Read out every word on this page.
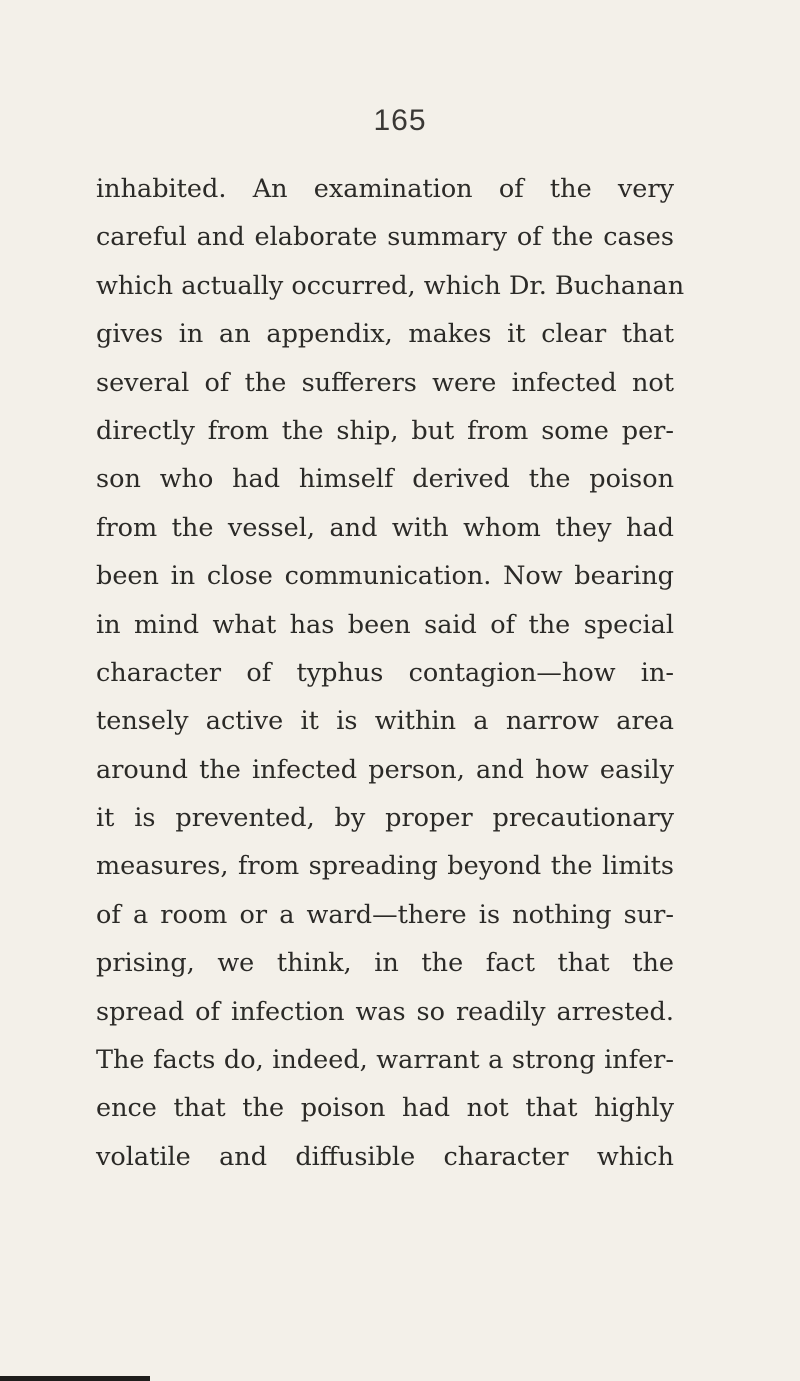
165
inhabited. An examination of the very
careful and elaborate summary of the cases
which actually occurred, which Dr. Buchanan
gives in an appendix, makes it clear that
several of the sufferers were infected not
directly from the ship, but from some per-
son who had himself derived the poison
from the vessel, and with whom they had
been in close communication. Now bearing
in mind what has been said of the special
character of typhus contagion—how in-
tensely active it is within a narrow area
around the infected person, and how easily
it is prevented, by proper precautionary
measures, from spreading beyond the limits
of a room or a ward—there is nothing sur-
prising, we think, in the fact that the
spread of infection was so readily arrested.
The facts do, indeed, warrant a strong infer-
ence that the poison had not that highly
volatile and diffusible character which
